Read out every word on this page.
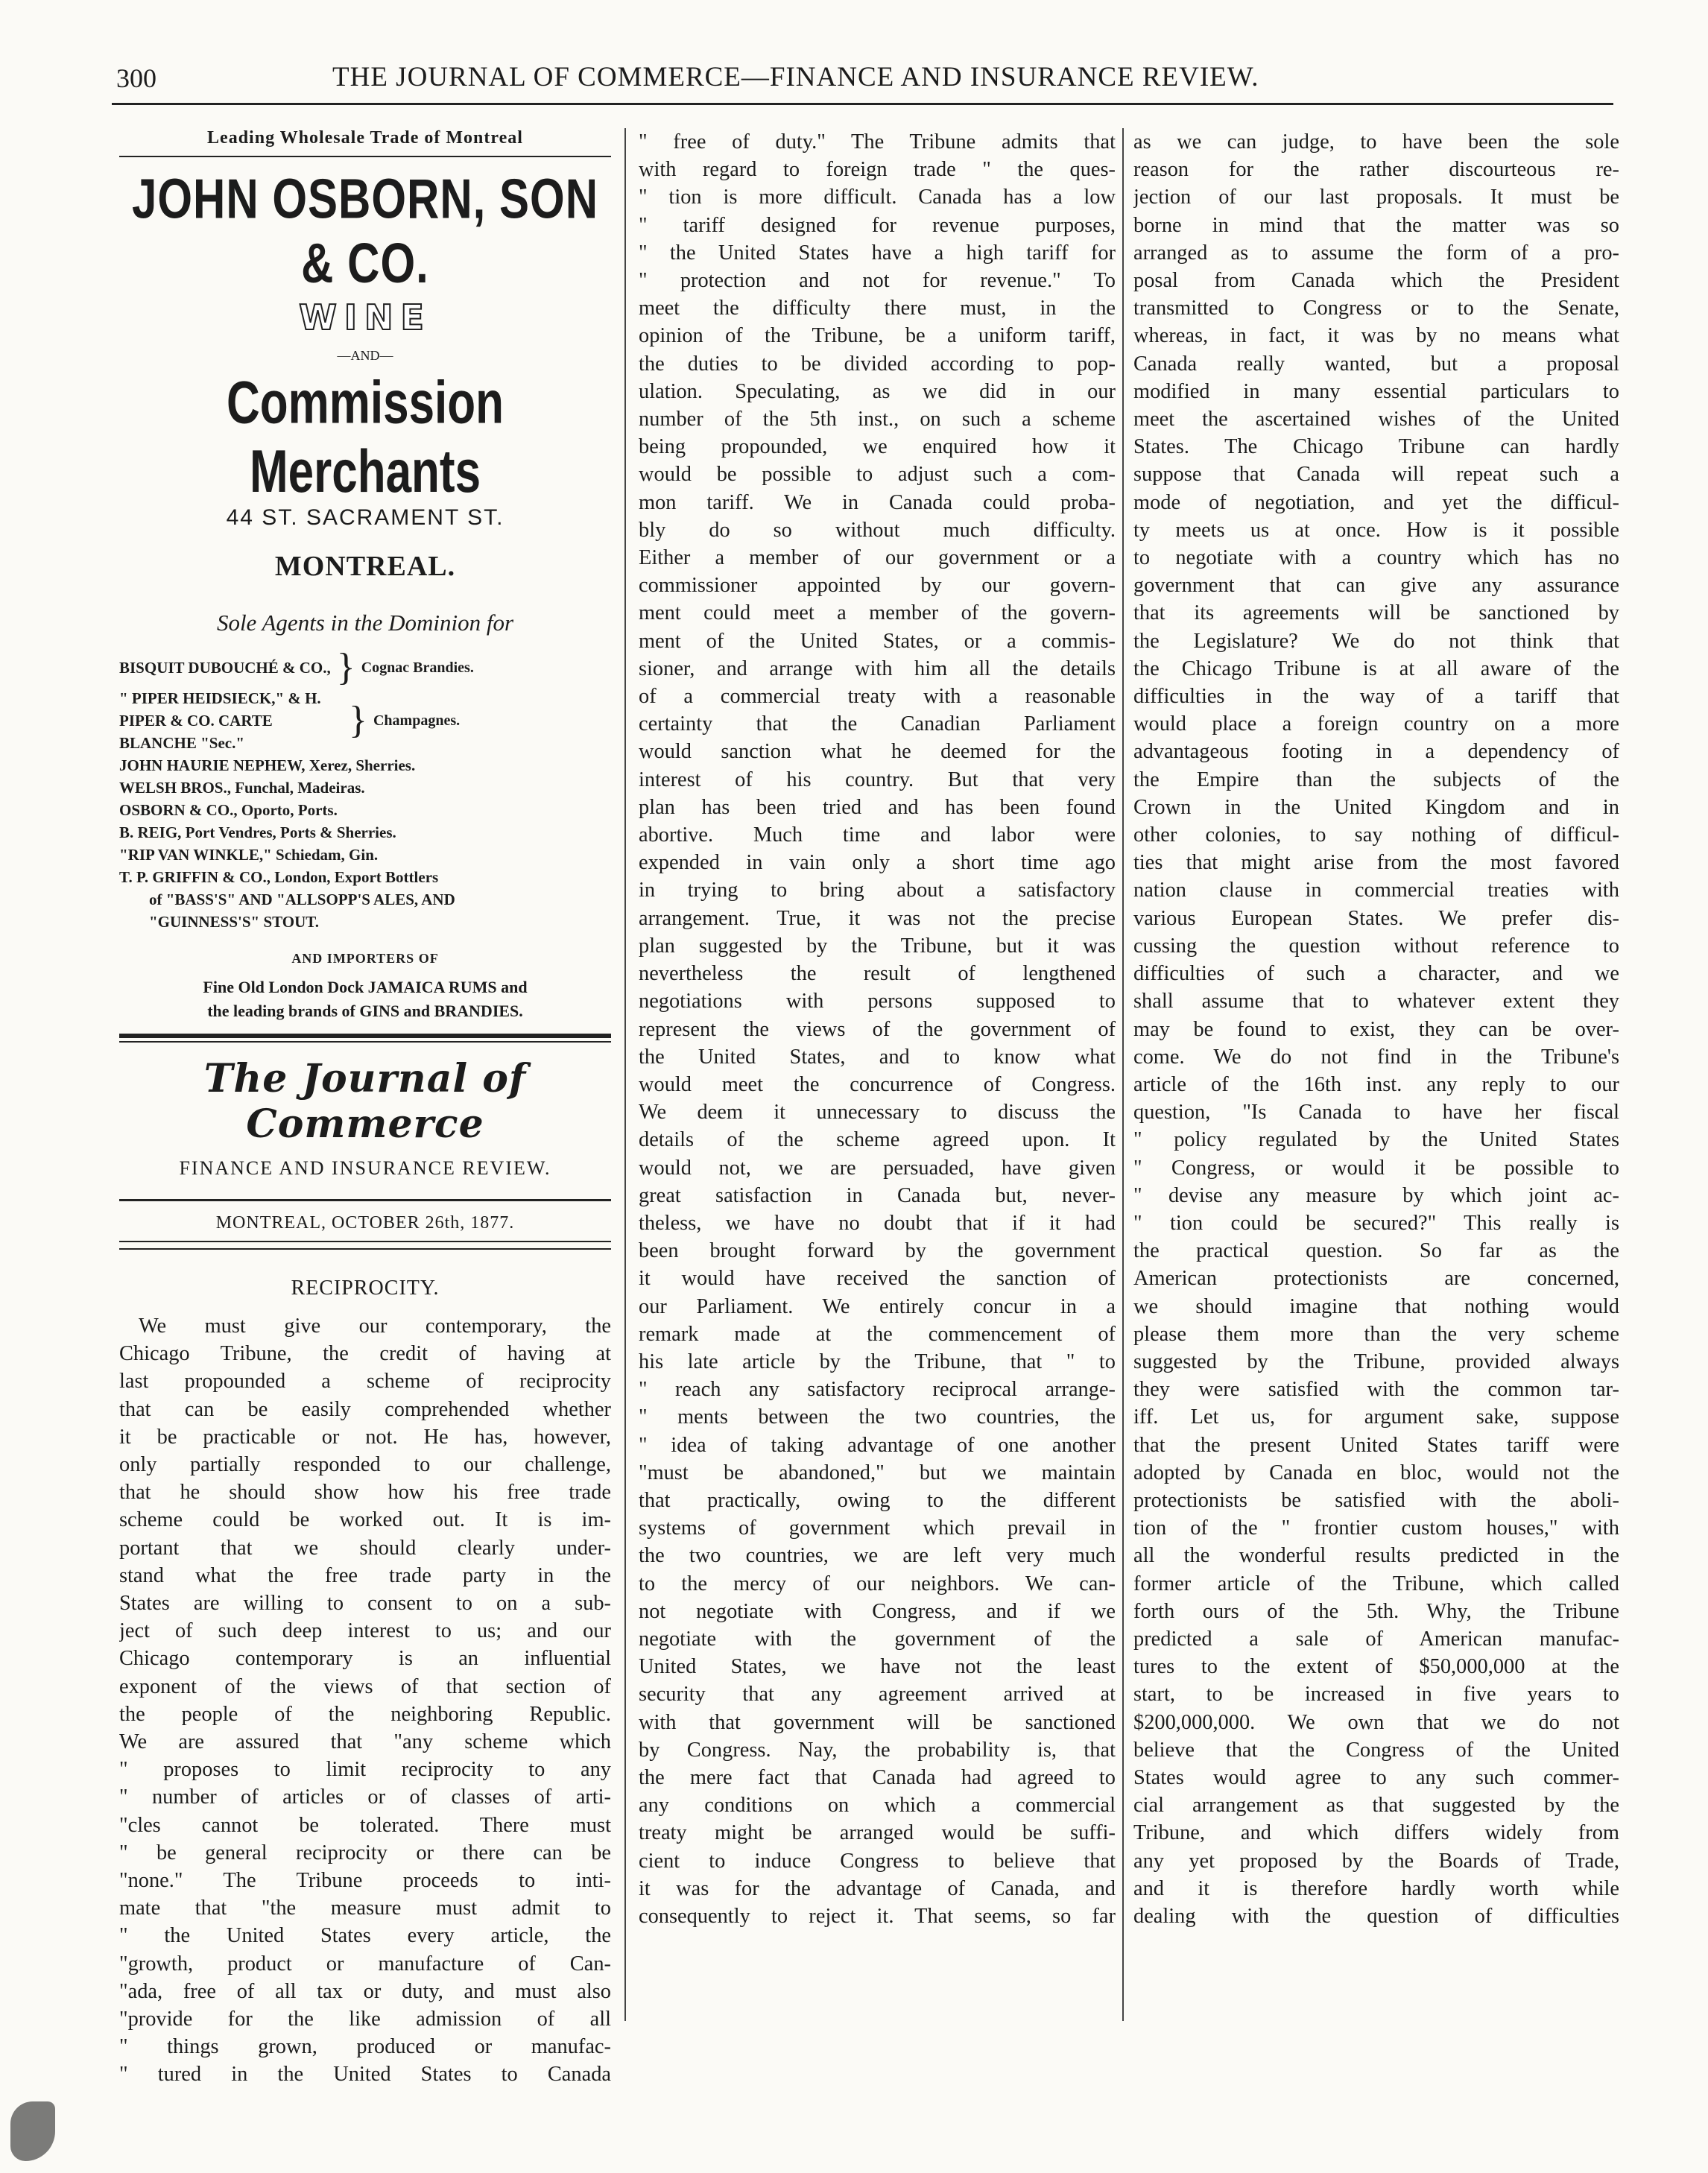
300	THE JOURNAL OF COMMERCE—FINANCE AND INSURANCE REVIEW.
Leading Wholesale Trade of Montreal
JOHN OSBORN, SON & CO.
WINE
—AND—
Commission Merchants
44 ST. SACRAMENT ST.
MONTREAL.
Sole Agents in the Dominion for
BISQUIT DUBOUCHÉ & CO., } Cognac Brandies.
" PIPER HEIDSIECK," & H. PIPER & CO. CARTE BLANCHE "Sec."
} Champagnes.
JOHN HAURIE NEPHEW, Xerez, Sherries.
WELSH BROS., Funchal, Madeiras.
OSBORN & CO., Oporto, Ports.
B. REIG, Port Vendres, Ports & Sherries.
"RIP VAN WINKLE," Schiedam, Gin.
T. P. GRIFFIN & CO., London, Export Bottlers
of "BASS'S" AND "ALLSOPP'S ALES, AND
"GUINNESS'S" STOUT.
AND IMPORTERS OF
Fine Old London Dock JAMAICA RUMS and
the leading brands of GINS and BRANDIES.
The Journal of Commerce
FINANCE AND INSURANCE REVIEW.
MONTREAL, OCTOBER 26th, 1877.
RECIPROCITY.
We must give our contemporary, the
Chicago Tribune, the credit of having at
last propounded a scheme of reciprocity
that can be easily comprehended whether
it be practicable or not. He has, however,
only partially responded to our challenge,
that he should show how his free trade
scheme could be worked out. It is im-
portant that we should clearly under-
stand what the free trade party in the
States are willing to consent to on a sub-
ject of such deep interest to us; and our
Chicago contemporary is an influential
exponent of the views of that section of
the people of the neighboring Republic.
We are assured that "any scheme which
" proposes to limit reciprocity to any
" number of articles or of classes of arti-
"cles cannot be tolerated. There must
" be general reciprocity or there can be
"none." The Tribune proceeds to inti-
mate that "the measure must admit to
" the United States every article, the
"growth, product or manufacture of Can-
"ada, free of all tax or duty, and must also
"provide for the like admission of all
" things grown, produced or manufac-
" tured in the United States to Canada
" free of duty." The Tribune admits that
with regard to foreign trade " the ques-
" tion is more difficult. Canada has a low
" tariff designed for revenue purposes,
" the United States have a high tariff for
" protection and not for revenue." To
meet the difficulty there must, in the
opinion of the Tribune, be a uniform tariff,
the duties to be divided according to pop-
ulation. Speculating, as we did in our
number of the 5th inst., on such a scheme
being propounded, we enquired how it
would be possible to adjust such a com-
mon tariff. We in Canada could proba-
bly do so without much difficulty.
Either a member of our government or a
commissioner appointed by our govern-
ment could meet a member of the govern-
ment of the United States, or a commis-
sioner, and arrange with him all the details
of a commercial treaty with a reasonable
certainty that the Canadian Parliament
would sanction what he deemed for the
interest of his country. But that very
plan has been tried and has been found
abortive. Much time and labor were
expended in vain only a short time ago
in trying to bring about a satisfactory
arrangement. True, it was not the precise
plan suggested by the Tribune, but it was
nevertheless the result of lengthened
negotiations with persons supposed to
represent the views of the government of
the United States, and to know what
would meet the concurrence of Congress.
We deem it unnecessary to discuss the
details of the scheme agreed upon. It
would not, we are persuaded, have given
great satisfaction in Canada but, never-
theless, we have no doubt that if it had
been brought forward by the government
it would have received the sanction of
our Parliament. We entirely concur in a
remark made at the commencement of
his late article by the Tribune, that " to
" reach any satisfactory reciprocal arrange-
" ments between the two countries, the
" idea of taking advantage of one another
"must be abandoned," but we maintain
that practically, owing to the different
systems of government which prevail in
the two countries, we are left very much
to the mercy of our neighbors. We can-
not negotiate with Congress, and if we
negotiate with the government of the
United States, we have not the least
security that any agreement arrived at
with that government will be sanctioned
by Congress. Nay, the probability is, that
the mere fact that Canada had agreed to
any conditions on which a commercial
treaty might be arranged would be suffi-
cient to induce Congress to believe that
it was for the advantage of Canada, and
consequently to reject it. That seems, so far
as we can judge, to have been the sole
reason for the rather discourteous re-
jection of our last proposals. It must be
borne in mind that the matter was so
arranged as to assume the form of a pro-
posal from Canada which the President
transmitted to Congress or to the Senate,
whereas, in fact, it was by no means what
Canada really wanted, but a proposal
modified in many essential particulars to
meet the ascertained wishes of the United
States. The Chicago Tribune can hardly
suppose that Canada will repeat such a
mode of negotiation, and yet the difficul-
ty meets us at once. How is it possible
to negotiate with a country which has no
government that can give any assurance
that its agreements will be sanctioned by
the Legislature? We do not think that
the Chicago Tribune is at all aware of the
difficulties in the way of a tariff that
would place a foreign country on a more
advantageous footing in a dependency of
the Empire than the subjects of the
Crown in the United Kingdom and in
other colonies, to say nothing of difficul-
ties that might arise from the most favored
nation clause in commercial treaties with
various European States. We prefer dis-
cussing the question without reference to
difficulties of such a character, and we
shall assume that to whatever extent they
may be found to exist, they can be over-
come. We do not find in the Tribune's
article of the 16th inst. any reply to our
question, "Is Canada to have her fiscal
" policy regulated by the United States
" Congress, or would it be possible to
" devise any measure by which joint ac-
" tion could be secured?" This really is
the practical question. So far as the
American protectionists are concerned,
we should imagine that nothing would
please them more than the very scheme
suggested by the Tribune, provided always
they were satisfied with the common tar-
iff. Let us, for argument sake, suppose
that the present United States tariff were
adopted by Canada en bloc, would not the
protectionists be satisfied with the aboli-
tion of the " frontier custom houses," with
all the wonderful results predicted in the
former article of the Tribune, which called
forth ours of the 5th. Why, the Tribune
predicted a sale of American manufac-
tures to the extent of $50,000,000 at the
start, to be increased in five years to
$200,000,000. We own that we do not
believe that the Congress of the United
States would agree to any such commer-
cial arrangement as that suggested by the
Tribune, and which differs widely from
any yet proposed by the Boards of Trade,
and it is therefore hardly worth while
dealing with the question of difficulties
